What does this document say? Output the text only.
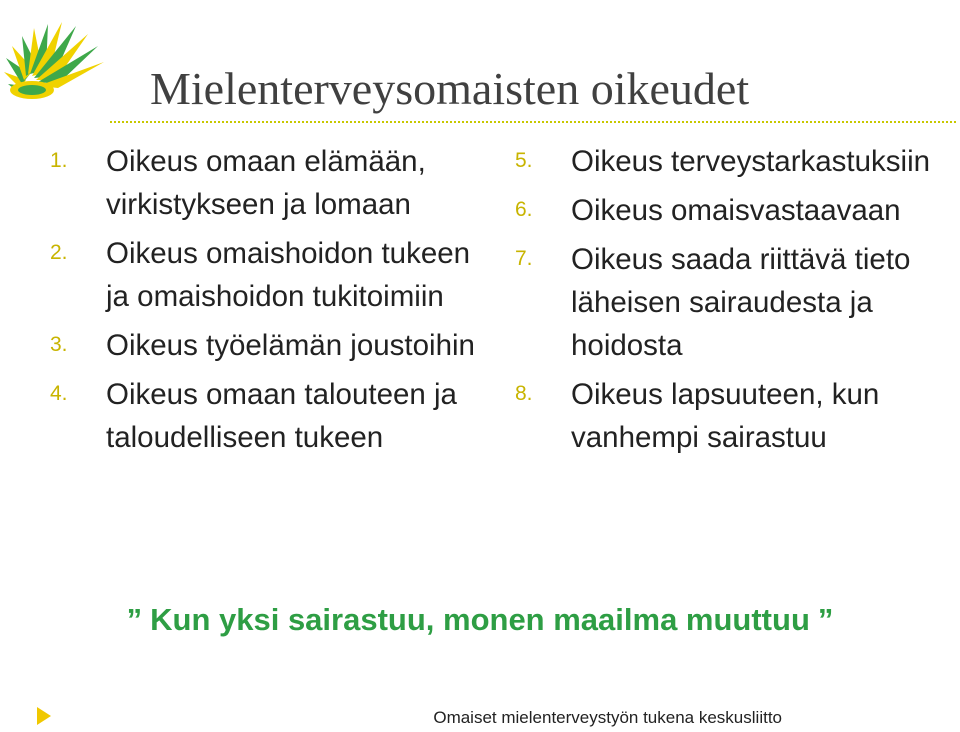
Mielenterveysomaisten oikeudet
1.	Oikeus omaan elämään, virkistykseen ja lomaan
2.	Oikeus omaishoidon tukeen ja omaishoidon tukitoimiin
3.	Oikeus työelämän joustoihin
4.	Oikeus omaan talouteen ja taloudelliseen tukeen
5.	Oikeus terveystarkastuksiin
6.	Oikeus omaisvastaavaan
7.	Oikeus saada riittävä tieto läheisen sairaudesta ja hoidosta
8.	Oikeus lapsuuteen, kun vanhempi sairastuu
” Kun yksi sairastuu, monen maailma muuttuu ”
Omaiset mielenterveystyön tukena keskusliitto
